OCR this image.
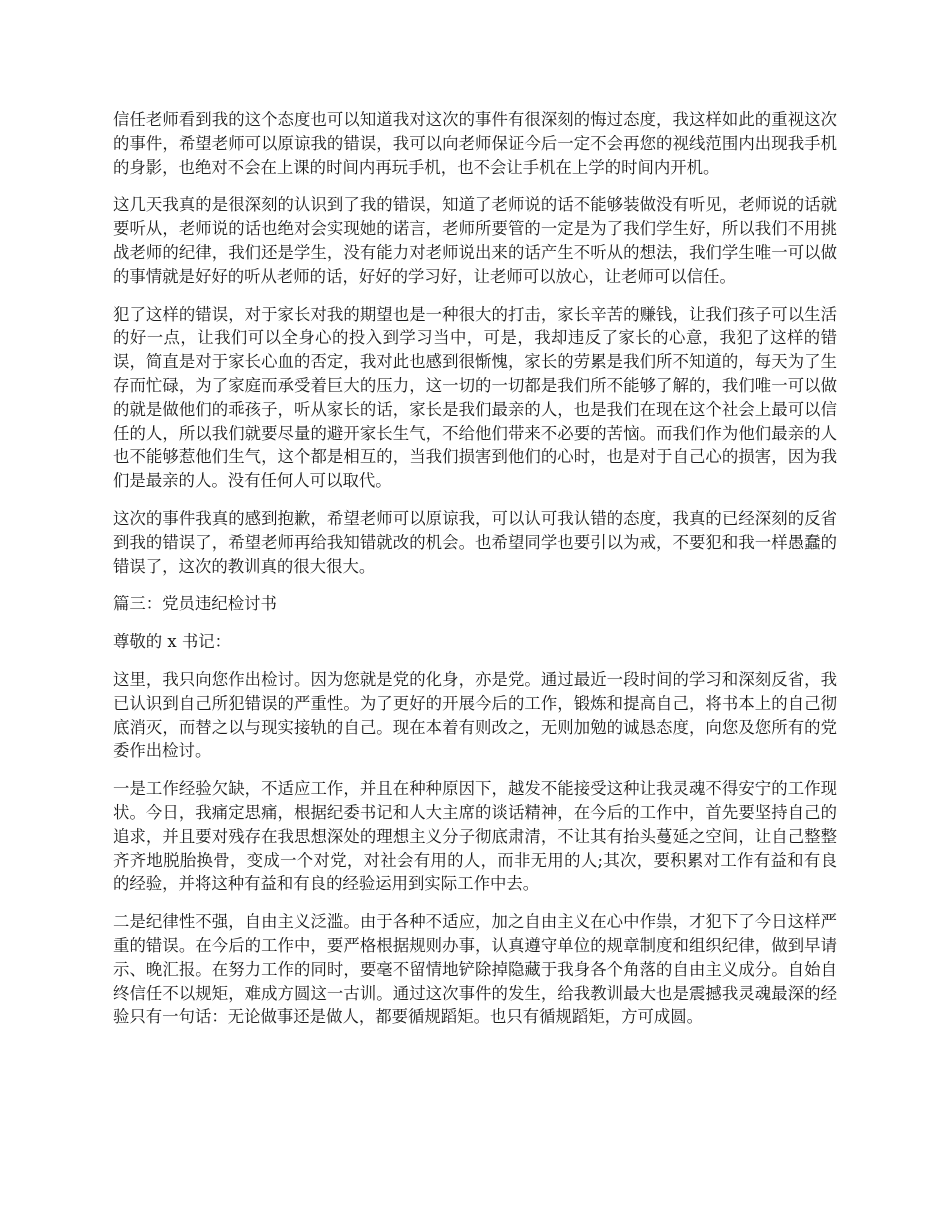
信任老师看到我的这个态度也可以知道我对这次的事件有很深刻的悔过态度，我这样如此的重视这次的事件，希望老师可以原谅我的错误，我可以向老师保证今后一定不会再您的视线范围内出现我手机的身影，也绝对不会在上课的时间内再玩手机，也不会让手机在上学的时间内开机。

这几天我真的是很深刻的认识到了我的错误，知道了老师说的话不能够装做没有听见，老师说的话就要听从，老师说的话也绝对会实现她的诺言，老师所要管的一定是为了我们学生好，所以我们不用挑战老师的纪律，我们还是学生，没有能力对老师说出来的话产生不听从的想法，我们学生唯一可以做的事情就是好好的听从老师的话，好好的学习好，让老师可以放心，让老师可以信任。

犯了这样的错误，对于家长对我的期望也是一种很大的打击，家长辛苦的赚钱，让我们孩子可以生活的好一点，让我们可以全身心的投入到学习当中，可是，我却违反了家长的心意，我犯了这样的错误，简直是对于家长心血的否定，我对此也感到很惭愧，家长的劳累是我们所不知道的，每天为了生存而忙碌，为了家庭而承受着巨大的压力，这一切的一切都是我们所不能够了解的，我们唯一可以做的就是做他们的乖孩子，听从家长的话，家长是我们最亲的人，也是我们在现在这个社会上最可以信任的人，所以我们就要尽量的避开家长生气，不给他们带来不必要的苦恼。而我们作为他们最亲的人也不能够惹他们生气，这个都是相互的，当我们损害到他们的心时，也是对于自己心的损害，因为我们是最亲的人。没有任何人可以取代。

这次的事件我真的感到抱歉，希望老师可以原谅我，可以认可我认错的态度，我真的已经深刻的反省到我的错误了，希望老师再给我知错就改的机会。也希望同学也要引以为戒，不要犯和我一样愚蠢的错误了，这次的教训真的很大很大。

篇三：党员违纪检讨书

尊敬的 x 书记：

这里，我只向您作出检讨。因为您就是党的化身，亦是党。通过最近一段时间的学习和深刻反省，我已认识到自己所犯错误的严重性。为了更好的开展今后的工作，锻炼和提高自己，将书本上的自己彻底消灭，而替之以与现实接轨的自己。现在本着有则改之，无则加勉的诚恳态度，向您及您所有的党委作出检讨。

一是工作经验欠缺，不适应工作，并且在种种原因下，越发不能接受这种让我灵魂不得安宁的工作现状。今日，我痛定思痛，根据纪委书记和人大主席的谈话精神，在今后的工作中，首先要坚持自己的追求，并且要对残存在我思想深处的理想主义分子彻底肃清，不让其有抬头蔓延之空间，让自己整整齐齐地脱胎换骨，变成一个对党，对社会有用的人，而非无用的人;其次，要积累对工作有益和有良的经验，并将这种有益和有良的经验运用到实际工作中去。

二是纪律性不强，自由主义泛滥。由于各种不适应，加之自由主义在心中作祟，才犯下了今日这样严重的错误。在今后的工作中，要严格根据规则办事，认真遵守单位的规章制度和组织纪律，做到早请示、晚汇报。在努力工作的同时，要毫不留情地铲除掉隐藏于我身各个角落的自由主义成分。自始自终信任不以规矩，难成方圆这一古训。通过这次事件的发生，给我教训最大也是震撼我灵魂最深的经验只有一句话：无论做事还是做人，都要循规蹈矩。也只有循规蹈矩，方可成圆。
